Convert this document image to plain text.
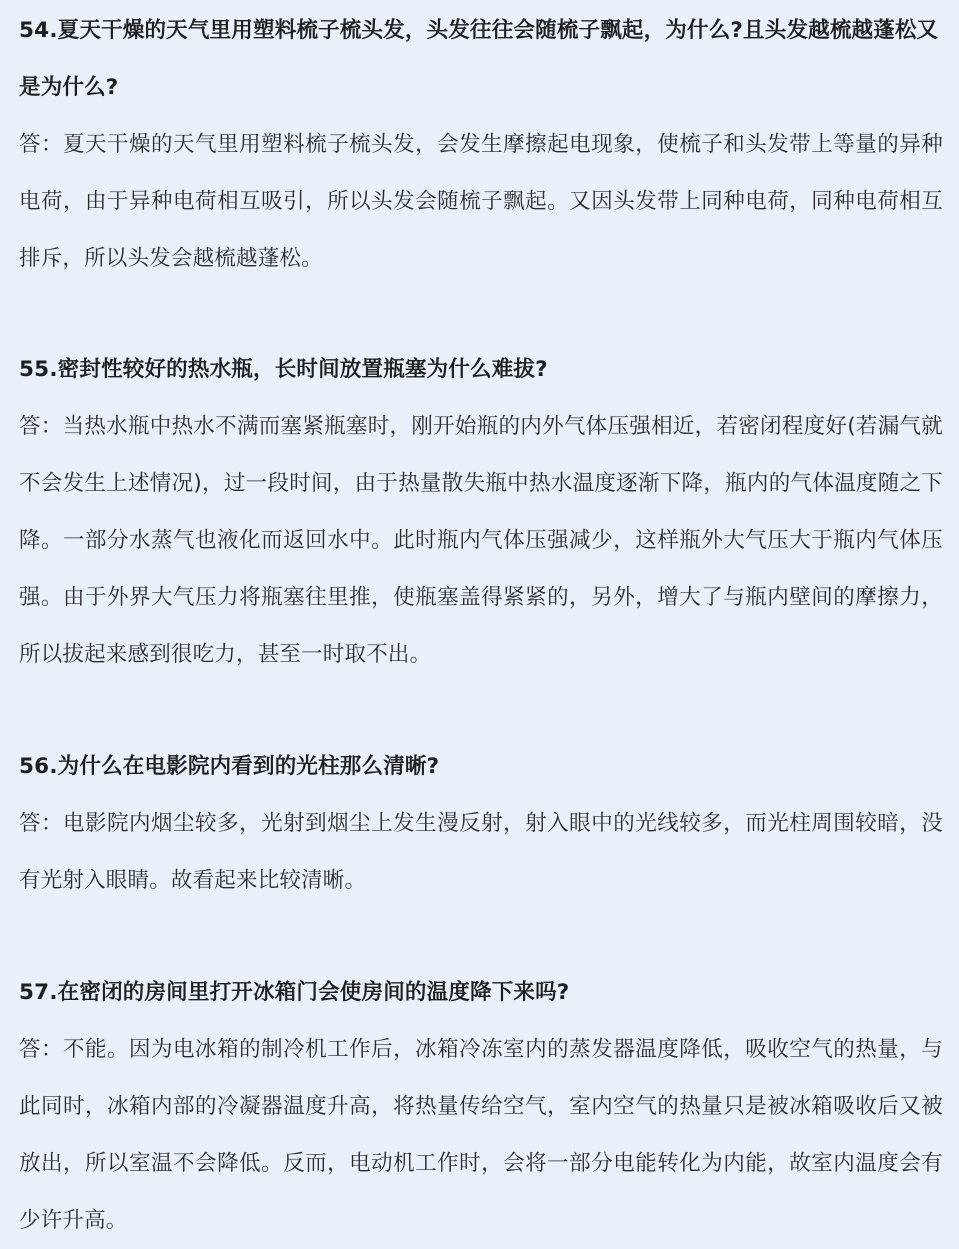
54.夏天干燥的天气里用塑料梳子梳头发，头发往往会随梳子飘起，为什么?且头发越梳越蓬松又是为什么?

答：夏天干燥的天气里用塑料梳子梳头发，会发生摩擦起电现象，使梳子和头发带上等量的异种电荷，由于异种电荷相互吸引，所以头发会随梳子飘起。又因头发带上同种电荷，同种电荷相互排斥，所以头发会越梳越蓬松。

55.密封性较好的热水瓶，长时间放置瓶塞为什么难拔?

答：当热水瓶中热水不满而塞紧瓶塞时，刚开始瓶的内外气体压强相近，若密闭程度好(若漏气就不会发生上述情况)，过一段时间，由于热量散失瓶中热水温度逐渐下降，瓶内的气体温度随之下降。一部分水蒸气也液化而返回水中。此时瓶内气体压强减少，这样瓶外大气压大于瓶内气体压强。由于外界大气压力将瓶塞往里推，使瓶塞盖得紧紧的，另外，增大了与瓶内壁间的摩擦力，所以拔起来感到很吃力，甚至一时取不出。

56.为什么在电影院内看到的光柱那么清晰?

答：电影院内烟尘较多，光射到烟尘上发生漫反射，射入眼中的光线较多，而光柱周围较暗，没有光射入眼睛。故看起来比较清晰。

57.在密闭的房间里打开冰箱门会使房间的温度降下来吗?

答：不能。因为电冰箱的制冷机工作后，冰箱冷冻室内的蒸发器温度降低，吸收空气的热量，与此同时，冰箱内部的冷凝器温度升高，将热量传给空气，室内空气的热量只是被冰箱吸收后又被放出，所以室温不会降低。反而，电动机工作时，会将一部分电能转化为内能，故室内温度会有少许升高。
